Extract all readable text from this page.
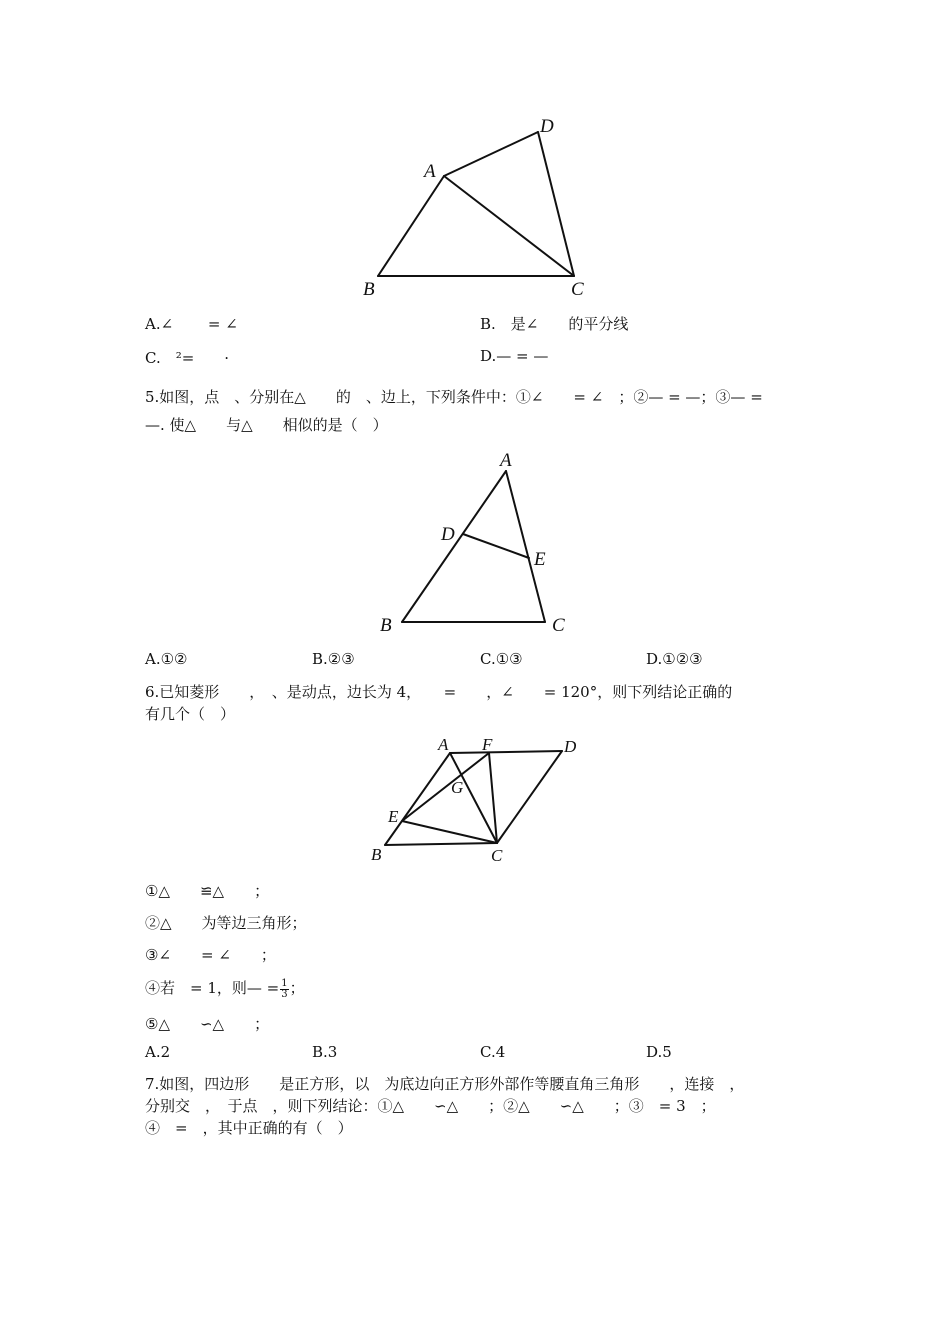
A
B	C
D
A.∠　　 = ∠	B.　是∠　　的平分线
C.　²=　　·	D.— = —
5.如图，点　、分别在△　　的　、边上，下列条件中：①∠　　= ∠　；②— = —；③— =
—. 使△　　与△　　相似的是（　）
A
B	C
D
E
A.①②	B.②③	C.①③	D.①②③
6.已知菱形　　，　、是动点，边长为 4，　　=　　，∠　　= 120°，则下列结论正确的
有几个（　）
A F	D
G
E
B	C
①△　　≌△　　；
②△　　为等边三角形；
③∠　　= ∠　　；
④若　= 1，则— = $\frac{1}{3}$ ；
⑤△　　∽△　　；
A.2	B.3	C.4	D.5
7.如图，四边形　　是正方形，以　为底边向正方形外部作等腰直角三角形　　，连接　，
分别交　，　于点　，则下列结论：①△　　∽△　　；②△　　∽△　　；③　= 3　；
④　=　，其中正确的有（　）
